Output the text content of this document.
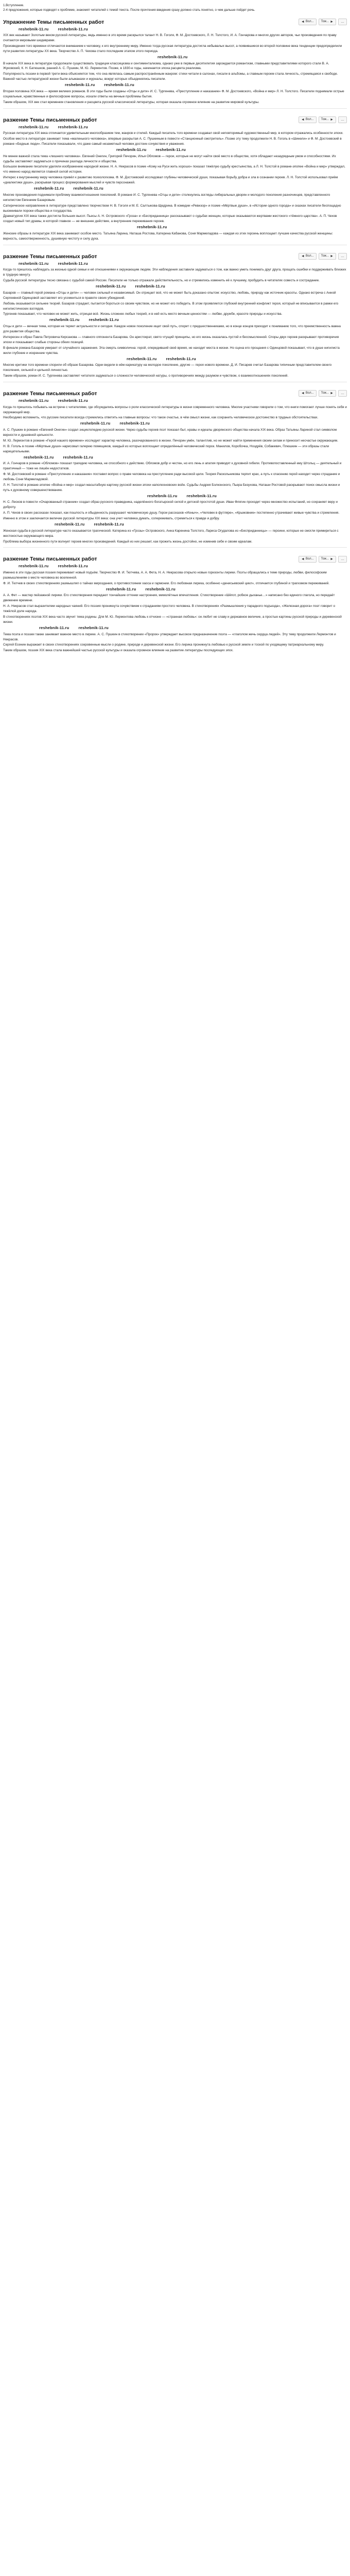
1.Вступление.
2-4 предложения, которые подводят к проблеме, знакомят читателей с темой текста. После прочтения введения сразу должно стать понятно, о чем дальше пойдет речь.
Упражнение Темы письменных работ	◄ Вол... Тож... ► …
reshebnik-11.ru reshebnik-11.ru

XIX век называют Золотым веком русской литературы, ведь именно в это время раскрылся талант Н. В. Гоголя, Ф. М. Достоевского, Л. Н. Толстого, И. А. Гончарова и многих других авторов, чьи произведения по праву считаются мировыми шедеврами.

Произведения того времени отличаются вниманием к человеку, к его внутреннему миру. Именно тогда русская литература достигла небывалых высот, а появившиеся во второй половине века тенденции предопределили пути развития литературы XX века. Творчество А. П. Чехова стало последним этапом этого периода.

reshebnik-11.ru

В начале XIX века в литературе продолжали существовать традиции классицизма и сентиментализма, однако уже в первые десятилетия зарождается романтизм, главными представителями которого стали В. А. Жуковский, К. Н. Батюшков, ранний А. С. Пушкин, М. Ю. Лермонтов. Позже, в 1830-е годы, начинается эпоха расцвета реализма.

Популярность поэзии в первой трети века объясняется тем, что она являлась самым распространённым жанром: стихи читали в салонах, писали в альбомы, а главным героем стала личность, стремящаяся к свободе. Важной частью литературной жизни были альманахи и журналы, вокруг которых объединялись писатели.

reshebnik-11.ru reshebnik-11.ru

Вторая половина XIX века — время великих романов. В эти годы были созданы «Отцы и дети» И. С. Тургенева, «Преступление и наказание» Ф. М. Достоевского, «Война и мир» Л. Н. Толстого. Писатели поднимали острые социальные, нравственные и философские вопросы, искали ответы на вечные проблемы бытия.

Таким образом, XIX век стал временем становления и расцвета русской классической литературы, которая оказала огромное влияние на развитие мировой культуры.

разжение Темы письменных работ	◄ Вол... Тож... ► …
reshebnik-11.ru reshebnik-11.ru

Русская литература XIX века отличается удивительным многообразием тем, жанров и стилей. Каждый писатель того времени создавал свой неповторимый художественный мир, в котором отражались особенности эпохи.

Особое место в литературе занимает тема «маленького человека», впервые раскрытая А. С. Пушкиным в повести «Станционный смотритель». Позже эту тему продолжили Н. В. Гоголь в «Шинели» и Ф. М. Достоевский в романе «Бедные люди». Писатели показывали, что даже самый незаметный человек достоин сочувствия и уважения.

reshebnik-11.ru reshebnik-11.ru

Не менее важной стала тема «лишнего человека». Евгений Онегин, Григорий Печорин, Илья Обломов — герои, которые не могут найти своё место в обществе, хотя обладают незаурядным умом и способностями. Их судьбы заставляют задуматься о причинах разлада личности и общества.

Большое внимание писатели уделяли изображению народной жизни. Н. А. Некрасов в поэме «Кому на Руси жить хорошо» показал тяжёлую судьбу крестьянства, а Л. Н. Толстой в романе-эпопее «Война и мир» утверждал, что именно народ является главной силой истории.

Интерес к внутреннему миру человека привёл к развитию психологизма. Ф. М. Достоевский исследовал глубины человеческой души, показывая борьбу добра и зла в сознании героев. Л. Н. Толстой использовал приём «диалектики души», раскрывая процесс формирования мыслей и чувств персонажей.

reshebnik-11.ru reshebnik-11.ru

Многие произведения поднимали проблему взаимоотношения поколений. В романе И. С. Тургенева «Отцы и дети» столкнулись взгляды либеральных дворян и молодого поколения разночинцев, представленного нигилистом Евгением Базаровым.

Сатирическое направление в литературе представлено творчеством Н. В. Гоголя и М. Е. Салтыкова-Щедрина. В комедии «Ревизор» и поэме «Мёртвые души», в «Истории одного города» и сказках писатели беспощадно высмеивали пороки общества и государства.

Драматургия XIX века также достигла больших высот. Пьесы А. Н. Островского «Гроза» и «Бесприданница» рассказывают о судьбах женщин, которые оказываются жертвами жестокого «тёмного царства». А. П. Чехов создал новый тип драмы, в которой главное — не внешнее действие, а внутренние переживания героев.

reshebnik-11.ru

Женские образы в литературе XIX века занимают особое место. Татьяна Ларина, Наташа Ростова, Катерина Кабанова, Соня Мармеладова — каждая из этих героинь воплощает лучшие качества русской женщины: верность, самоотверженность, душевную чистоту и силу духа.

разжение Темы письменных работ	◄ Вол... Тож... ► …
reshebnik-11.ru reshebnik-11.ru

Когда-то пришлось наблюдать за жизнью одной семьи и её отношениями к окружающим людям. Эти наблюдения заставили задуматься о том, как важно уметь понимать друг друга, прощать ошибки и поддерживать близких в трудную минуту.

Судьба русской литературы тесно связана с судьбой самой России. Писатели не только отражали действительность, но и стремились изменить её к лучшему, пробудить в читателях совесть и сострадание.

reshebnik-11.ru reshebnik-11.ru

Базаров — главный герой романа «Отцы и дети» — человек сильный и независимый. Он отрицает всё, что не может быть доказано опытом: искусство, любовь, природу как источник красоты. Однако встреча с Анной Сергеевной Одинцовой заставляет его усомниться в правоте своих убеждений.

Любовь оказывается сильнее теорий. Базаров страдает, пытается бороться со своим чувством, но не может его победить. В этом проявляется глубокий внутренний конфликт героя, который не вписывается в рамки его нигилистических взглядов.

Тургенев показывает, что человек не может жить, отрицая всё. Жизнь сложнее любых теорий, и в ней есть место вечным ценностям — любви, дружбе, красоте природы и искусства.

reshebnik-11.ru reshebnik-11.ru

Отцы и дети — вечная тема, которая не теряет актуальности и сегодня. Каждое новое поколение ищет свой путь, спорит с предшественниками, но в конце концов приходит к пониманию того, что преемственность важна для развития общества.

Интересен и образ Павла Петровича Кирсанова — главного оппонента Базарова. Он аристократ, свято чтущий принципы, но его жизнь оказалась пустой и бессмысленной. Споры двух героев раскрывают противоречия эпохи и показывают слабые стороны обеих позиций.

В финале романа Базаров умирает от случайного заражения. Эта смерть символична: герой, опередивший своё время, не находит места в жизни. Но сцена его прощания с Одинцовой показывает, что в душе нигилиста жили глубокие и искренние чувства.

reshebnik-11.ru reshebnik-11.ru

Многие критики того времени спорили об образе Базарова. Одни видели в нём карикатуру на молодое поколение, другие — героя нового времени. Д. И. Писарев считал Базарова типичным представителем своего поколения, сильной и цельной личностью.

Таким образом, роман И. С. Тургенева заставляет читателя задуматься о сложности человеческой натуры, о противоречиях между разумом и чувством, о взаимоотношениях поколений.

разжение Темы письменных работ	◄ Вол... Тож... ► …
reshebnik-11.ru reshebnik-11.ru

Когда-то пришлось побывать на встрече с читателями, где обсуждались вопросы о роли классической литературы в жизни современного человека. Многие участники говорили о том, что книги помогают лучше понять себя и окружающий мир.

Необходимо вспомнить, что русские писатели всегда стремились ответить на главные вопросы: что такое счастье, в чём смысл жизни, как сохранить человеческое достоинство в трудных обстоятельствах.

reshebnik-11.ru reshebnik-11.ru

А. С. Пушкин в романе «Евгений Онегин» создал энциклопедию русской жизни. Через судьбы героев поэт показал быт, нравы и идеалы дворянского общества начала XIX века. Образ Татьяны Лариной стал символом верности и душевной цельности.

М. Ю. Лермонтов в романе «Герой нашего времени» исследует характер человека, разочарованного в жизни. Печорин умён, талантлив, но не может найти применения своим силам и приносит несчастье окружающим.

Н. В. Гоголь в поэме «Мёртвые души» нарисовал галерею помещиков, каждый из которых воплощает определённый человеческий порок. Манилов, Коробочка, Ноздрёв, Собакевич, Плюшкин — эти образы стали нарицательными.

reshebnik-11.ru reshebnik-11.ru

И. А. Гончаров в романе «Обломов» показал трагедию человека, не способного к действию. Обломов добр и честен, но его лень и апатия приводят к духовной гибели. Противопоставленный ему Штольц — деятельный и практичный — тоже не лишён недостатков.

Ф. М. Достоевский в романе «Преступление и наказание» поставил вопрос о праве человека на преступление ради высокой цели. Теория Раскольникова терпит крах, а путь к спасению герой находит через страдание и любовь Сони Мармеладовой.

Л. Н. Толстой в романе-эпопее «Война и мир» создал масштабную картину русской жизни эпохи наполеоновских войн. Судьбы Андрея Болконского, Пьера Безухова, Наташи Ростовой раскрывают поиск смысла жизни и путь к духовному совершенствованию.

reshebnik-11.ru reshebnik-11.ru

Н. С. Лесков в повести «Очарованный странник» создал образ русского праведника, наделённого богатырской силой и детской простотой души. Иван Флягин проходит через множество испытаний, но сохраняет веру и доброту.

А. П. Чехов в своих рассказах показал, как пошлость и обыденность разрушают человеческую душу. Герои рассказов «Ионыч», «Человек в футляре», «Крыжовник» постепенно утрачивают живые чувства и стремления.

Именно в этом и заключается величие русской литературы XIX века: она учит человека думать, сопереживать, стремиться к правде и добру.

reshebnik-11.ru reshebnik-11.ru

Женская судьба в русской литературе часто оказывается трагической. Катерина из «Грозы» Островского, Анна Каренина Толстого, Лариса Огудалова из «Бесприданницы» — героини, которые не смогли примириться с жестокостью окружающего мира.

Проблема выбора жизненного пути волнует героев многих произведений. Каждый из них решает, как прожить жизнь достойно, не изменив себе и своим идеалам.

разжение Темы письменных работ	◄ Вол... Тож... ► …
reshebnik-11.ru reshebnik-11.ru

Именно в эти годы русская поэзия переживает новый подъём. Творчество Ф. И. Тютчева, А. А. Фета, Н. А. Некрасова открыло новые горизонты лирики. Поэты обращались к теме природы, любви, философским размышлениям о месте человека во вселенной.

Ф. И. Тютчев в своих стихотворениях размышлял о тайнах мироздания, о противостоянии хаоса и гармонии. Его любовная лирика, особенно «денисьевский цикл», отличается глубиной и трагизмом переживаний.

reshebnik-11.ru reshebnik-11.ru

А. А. Фет — мастер пейзажной лирики. Его стихотворения передают тончайшие оттенки настроения, мимолётные впечатления. Стихотворение «Шёпот, робкое дыханье…» написано без единого глагола, но передаёт движение времени.

Н. А. Некрасов стал выразителем народных чаяний. Его поэзия проникнута сочувствием к страданиям простого человека. В стихотворениях «Размышления у парадного подъезда», «Железная дорога» поэт говорит о тяжёлой доле народа.

В стихотворениях поэтов XIX века часто звучит тема родины. Для М. Ю. Лермонтова любовь к отчизне — «странная любовь»: он любит не славу и державное величие, а простые картины русской природы и деревенской жизни.

reshebnik-11.ru reshebnik-11.ru

Тема поэта и поэзии также занимает важное место в лирике. А. С. Пушкин в стихотворении «Пророк» утверждает высокое предназначение поэта — «глаголом жечь сердца людей». Эту тему продолжили Лермонтов и Некрасов.

Сергей Есенин выражает в своих стихотворениях сокровенные мысли о родине, природе и деревенской жизни. Его лирика проникнута любовью к русской земле и тоской по уходящему патриархальному миру.

Таким образом, поэзия XIX века стала важнейшей частью русской культуры и оказала огромное влияние на развитие литературы последующих эпох.
